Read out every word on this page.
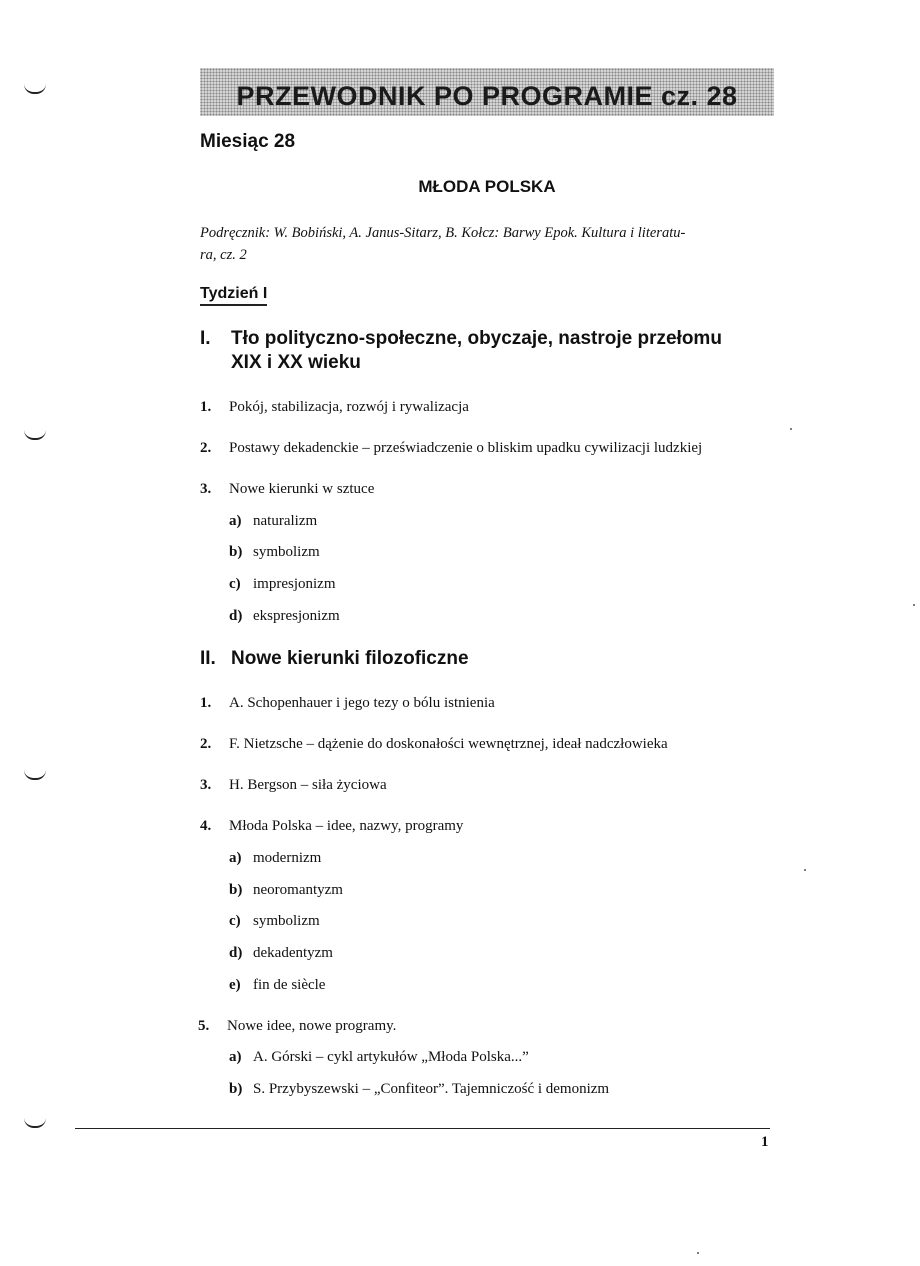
PRZEWODNIK PO PROGRAMIE cz. 28
Miesiąc 28
MŁODA POLSKA
Podręcznik: W. Bobiński, A. Janus-Sitarz, B. Kołcz: Barwy Epok. Kultura i literatu-
ra, cz. 2
Tydzień I
I. Tło polityczno-społeczne, obyczaje, nastroje przełomu XIX i XX wieku
1. Pokój, stabilizacja, rozwój i rywalizacja
2. Postawy dekadenckie – przeświadczenie o bliskim upadku cywilizacji ludzkiej
3. Nowe kierunki w sztuce
a) naturalizm
b) symbolizm
c) impresjonizm
d) ekspresjonizm
II. Nowe kierunki filozoficzne
1. A. Schopenhauer i jego tezy o bólu istnienia
2. F. Nietzsche – dążenie do doskonałości wewnętrznej, ideał nadczłowieka
3. H. Bergson – siła życiowa
4. Młoda Polska – idee, nazwy, programy
a) modernizm
b) neoromantyzm
c) symbolizm
d) dekadentyzm
e) fin de siècle
5. Nowe idee, nowe programy.
a) A. Górski – cykl artykułów „Młoda Polska...”
b) S. Przybyszewski – „Confiteor”. Tajemniczość i demonizm
1
